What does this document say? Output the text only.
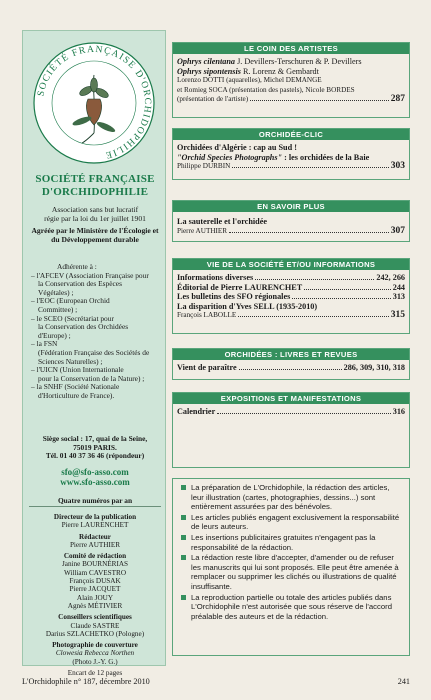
SOCIÉTÉ FRANÇAISE D'ORCHIDOPHILIE
SOCIÉTÉ FRANÇAISE
D'ORCHIDOPHILIE
Association sans but lucratif
régie par la loi du 1er juillet 1901
Agréée par le Ministère de l'Écologie et
du Développement durable
Adhérente à :
– l'AFCEV (Association Française pour
la Conservation des Espèces
Végétales) ;
– l'EOC (European Orchid
Committee) ;
– le SCEO (Secrétariat pour
la Conservation des Orchidées
d'Europe) ;
– la FSN
(Fédération Française des Sociétés de
Sciences Naturelles) ;
– l'UICN (Union Internationale
pour la Conservation de la Nature) ;
– la SNHF (Société Nationale
d'Horticulture de France).
Siège social : 17, quai de la Seine,
75019 PARIS.
Tél. 01 40 37 36 46 (répondeur)
sfo@sfo-asso.com
www.sfo-asso.com
Quatre numéros par an
Directeur de la publication
Pierre LAURENCHET
Rédacteur
Pierre AUTHIER
Comité de rédaction
Janine BOURNÉRIAS
William CAVESTRO
François DUSAK
Pierre JACQUET
Alain JOUY
Agnès MÉTIVIER
Conseillers scientifiques
Claude SASTRE
Darius SZLACHETKO (Pologne)
Photographie de couverture
Clowesia Rebecca Northen
(Photo J.-Y. G.)
Encart de 12 pages
LE COIN DES ARTISTES
Ophrys cilentana J. Devillers-Terschuren & P. Devillers
Ophrys sipontensis R. Lorenz & Gembardt
Lorenzo DOTTI (aquarelles), Michel DEMANGE
et Romieg SOCA (présentation des pastels), Nicole BORDES
(présentation de l'artiste)	287
ORCHIDÉE-CLIC
Orchidées d'Algérie : cap au Sud !
"Orchid Species Photographs" : les orchidées de la Baie
Philippe DURBIN	303
EN SAVOIR PLUS
La sauterelle et l'orchidée
Pierre AUTHIER	307
VIE DE LA SOCIÉTÉ ET/OU INFORMATIONS
Informations diverses	242, 266
Éditorial de Pierre LAURENCHET	244
Les bulletins des SFO régionales	313
La disparition d'Yves SELL (1935-2010)
François LABOLLE	315
ORCHIDÉES : LIVRES ET REVUES
Vient de paraître	286, 309, 310, 318
EXPOSITIONS ET MANIFESTATIONS
Calendrier	316
La préparation de L'Orchidophile, la rédaction des articles, leur illustration (cartes, photographies, dessins...) sont entièrement assurées par des bénévoles.
Les articles publiés engagent exclusivement la responsabilité de leurs auteurs.
Les insertions publicitaires gratuites n'engagent pas la responsabilité de la rédaction.
La rédaction reste libre d'accepter, d'amender ou de refuser les manuscrits qui lui sont proposés. Elle peut être amenée à remplacer ou supprimer les clichés ou illustrations de qualité insuffisante.
La reproduction partielle ou totale des articles publiés dans L'Orchidophile n'est autorisée que sous réserve de l'accord préalable des auteurs et de la rédaction.
L'Orchidophile n° 187, décembre 2010	241
